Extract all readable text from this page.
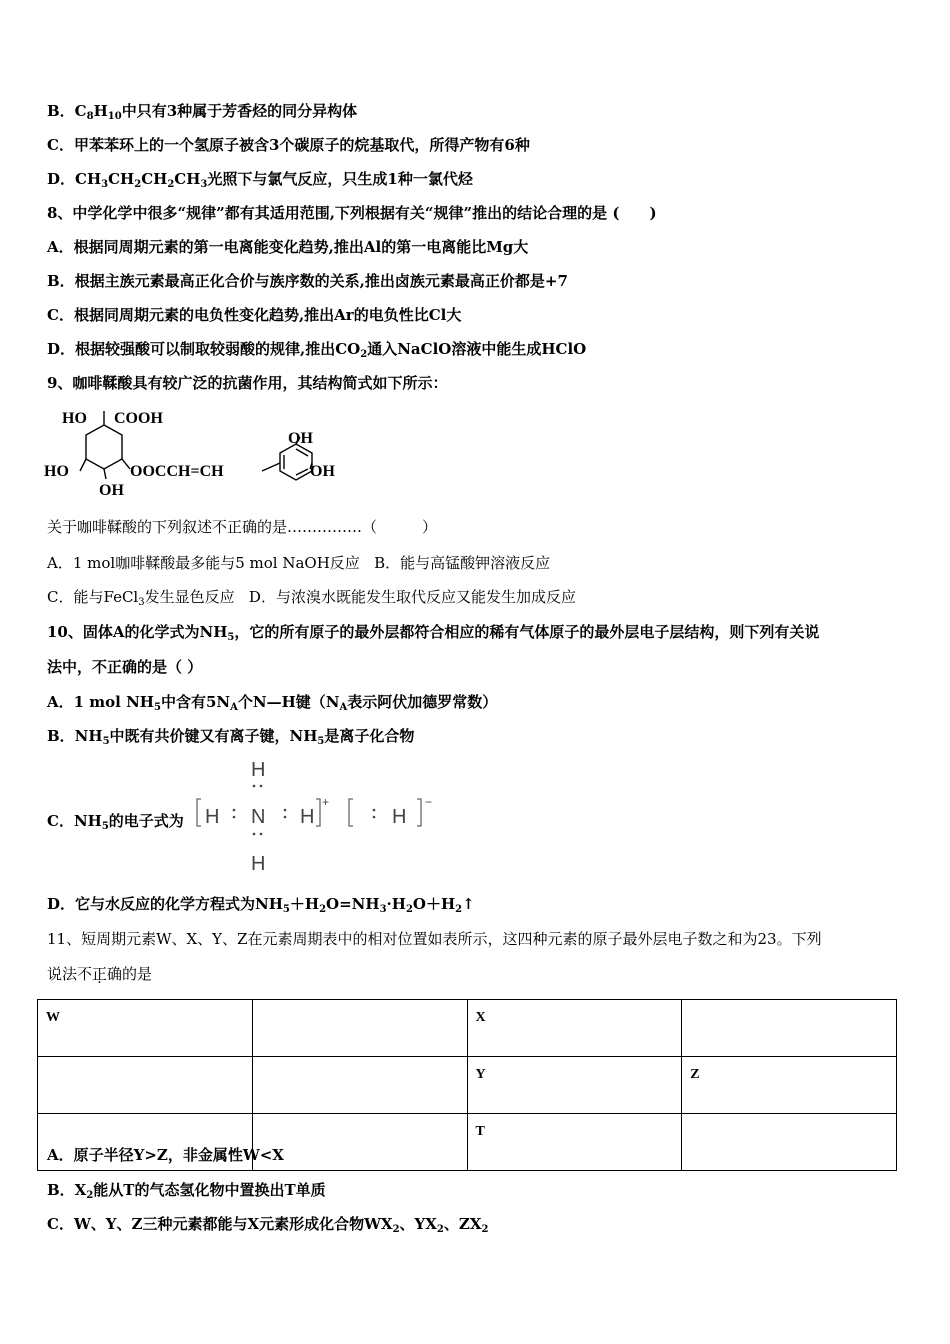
B．$C_8H_{10}$中只有3种属于芳香烃的同分异构体
C．甲苯苯环上的一个氢原子被含3个碳原子的烷基取代，所得产物有6种
D．$CH_3CH_2CH_2CH_3$光照下与氯气反应，只生成1种一氯代烃
8、中学化学中很多“规律”都有其适用范围,下列根据有关“规律”推出的结论合理的是 (　　)
A．根据同周期元素的第一电离能变化趋势,推出Al的第一电离能比Mg大
B．根据主族元素最高正化合价与族序数的关系,推出卤族元素最高正价都是+7
C．根据同周期元素的电负性变化趋势,推出Ar的电负性比Cl大
D．根据较强酸可以制取较弱酸的规律,推出$CO_2$通入NaClO溶液中能生成HClO
9、咖啡鞣酸具有较广泛的抗菌作用，其结构简式如下所示：
HO COOH
HO	OOCCH=CH
OH
OH
OH
关于咖啡鞣酸的下列叙述不正确的是……………（　　　）
A．1 mol咖啡鞣酸最多能与5 mol NaOH反应 B．能与高锰酸钾溶液反应
C．能与FeCl$_3$发生显色反应 D．与浓溴水既能发生取代反应又能发生加成反应
10、固体A的化学式为$NH_5$，它的所有原子的最外层都符合相应的稀有气体原子的最外层电子层结构，则下列有关说
法中，不正确的是（ ）
A．1 mol $NH_5$中含有$5N_A$个N—H键（$N_A$表示阿伏加德罗常数）
B．$NH_5$中既有共价键又有离子键，$NH_5$是离子化合物
C．$NH_5$的电子式为
H
N
H
H	H	H
+	−
D．它与水反应的化学方程式为$NH_5+H_2O=NH_3\cdot H_2O+H_2↑$
11、短周期元素W、X、Y、Z在元素周期表中的相对位置如表所示，这四种元素的原子最外层电子数之和为23。下列
说法不正确的是
W		X	
		Y	Z
		T	
A．原子半径Y>Z，非金属性W<X
B．$X_2$能从T的气态氢化物中置换出T单质
C．W、Y、Z三种元素都能与X元素形成化合物$WX_2$、$YX_2$、$ZX_2$
